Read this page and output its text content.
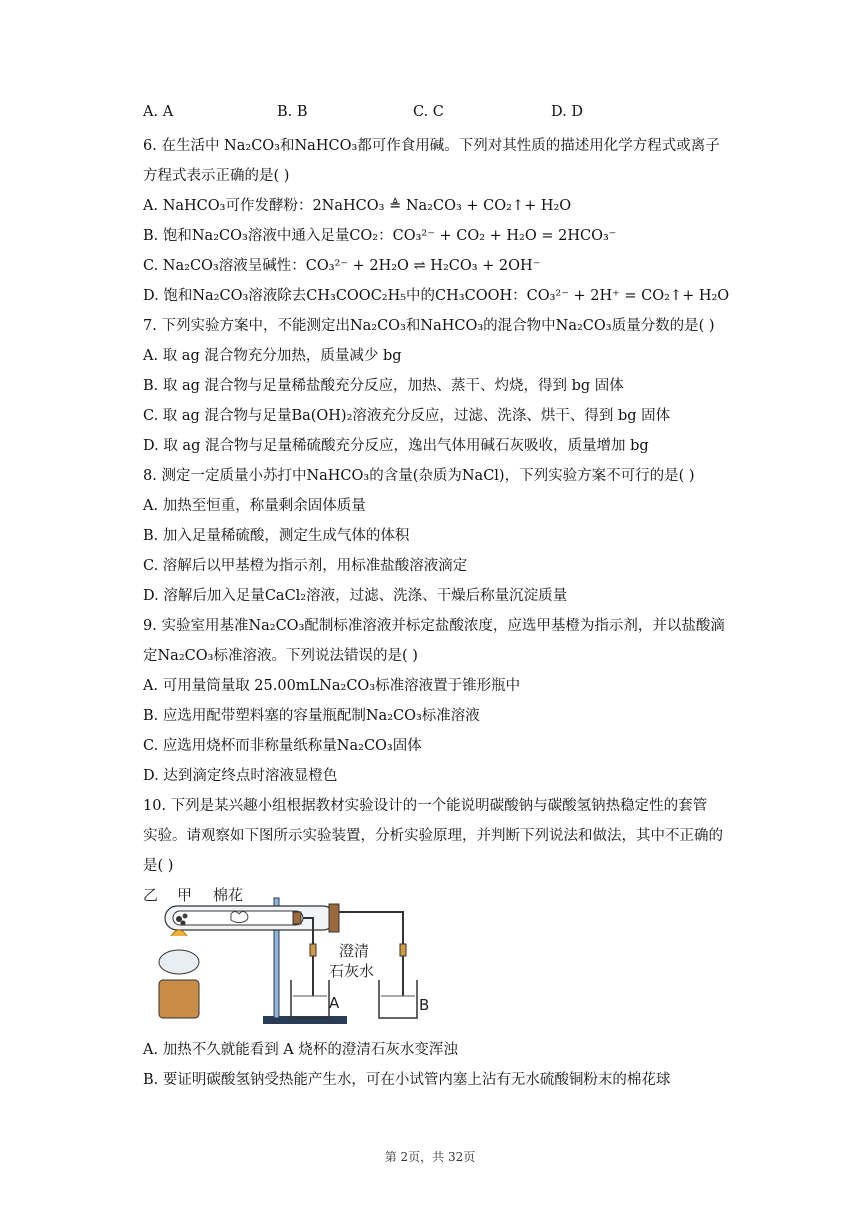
A. A	B. B	C. C	D. D
6. 在生活中 Na₂CO₃和NaHCO₃都可作食用碱。下列对其性质的描述用化学方程式或离子
方程式表示正确的是( )
A. NaHCO₃可作发酵粉：2NaHCO₃ ≜ Na₂CO₃ + CO₂↑+ H₂O
B. 饱和Na₂CO₃溶液中通入足量CO₂：CO₃²⁻ + CO₂ + H₂O = 2HCO₃⁻
C. Na₂CO₃溶液呈碱性：CO₃²⁻ + 2H₂O ⇌ H₂CO₃ + 2OH⁻
D. 饱和Na₂CO₃溶液除去CH₃COOC₂H₅中的CH₃COOH：CO₃²⁻ + 2H⁺ = CO₂↑+ H₂O
7. 下列实验方案中，不能测定出Na₂CO₃和NaHCO₃的混合物中Na₂CO₃质量分数的是( )
A. 取 ag 混合物充分加热，质量减少 bg
B. 取 ag 混合物与足量稀盐酸充分反应，加热、蒸干、灼烧，得到 bg 固体
C. 取 ag 混合物与足量Ba(OH)₂溶液充分反应，过滤、洗涤、烘干、得到 bg 固体
D. 取 ag 混合物与足量稀硫酸充分反应，逸出气体用碱石灰吸收，质量增加 bg
8. 测定一定质量小苏打中NaHCO₃的含量(杂质为NaCl)，下列实验方案不可行的是( )
A. 加热至恒重，称量剩余固体质量
B. 加入足量稀硫酸，测定生成气体的体积
C. 溶解后以甲基橙为指示剂，用标准盐酸溶液滴定
D. 溶解后加入足量CaCl₂溶液，过滤、洗涤、干燥后称量沉淀质量
9. 实验室用基准Na₂CO₃配制标准溶液并标定盐酸浓度，应选甲基橙为指示剂，并以盐酸滴
定Na₂CO₃标准溶液。下列说法错误的是( )
A. 可用量筒量取 25.00mLNa₂CO₃标准溶液置于锥形瓶中
B. 应选用配带塑料塞的容量瓶配制Na₂CO₃标准溶液
C. 应选用烧杯而非称量纸称量Na₂CO₃固体
D. 达到滴定终点时溶液显橙色
10. 下列是某兴趣小组根据教材实验设计的一个能说明碳酸钠与碳酸氢钠热稳定性的套管
实验。请观察如下图所示实验装置，分析实验原理，并判断下列说法和做法，其中不正确的
是( )
乙 甲 棉花
澄清
石灰水
A	B
A. 加热不久就能看到 A 烧杯的澄清石灰水变浑浊
B. 要证明碳酸氢钠受热能产生水，可在小试管内塞上沾有无水硫酸铜粉末的棉花球
第 2页，共 32页
